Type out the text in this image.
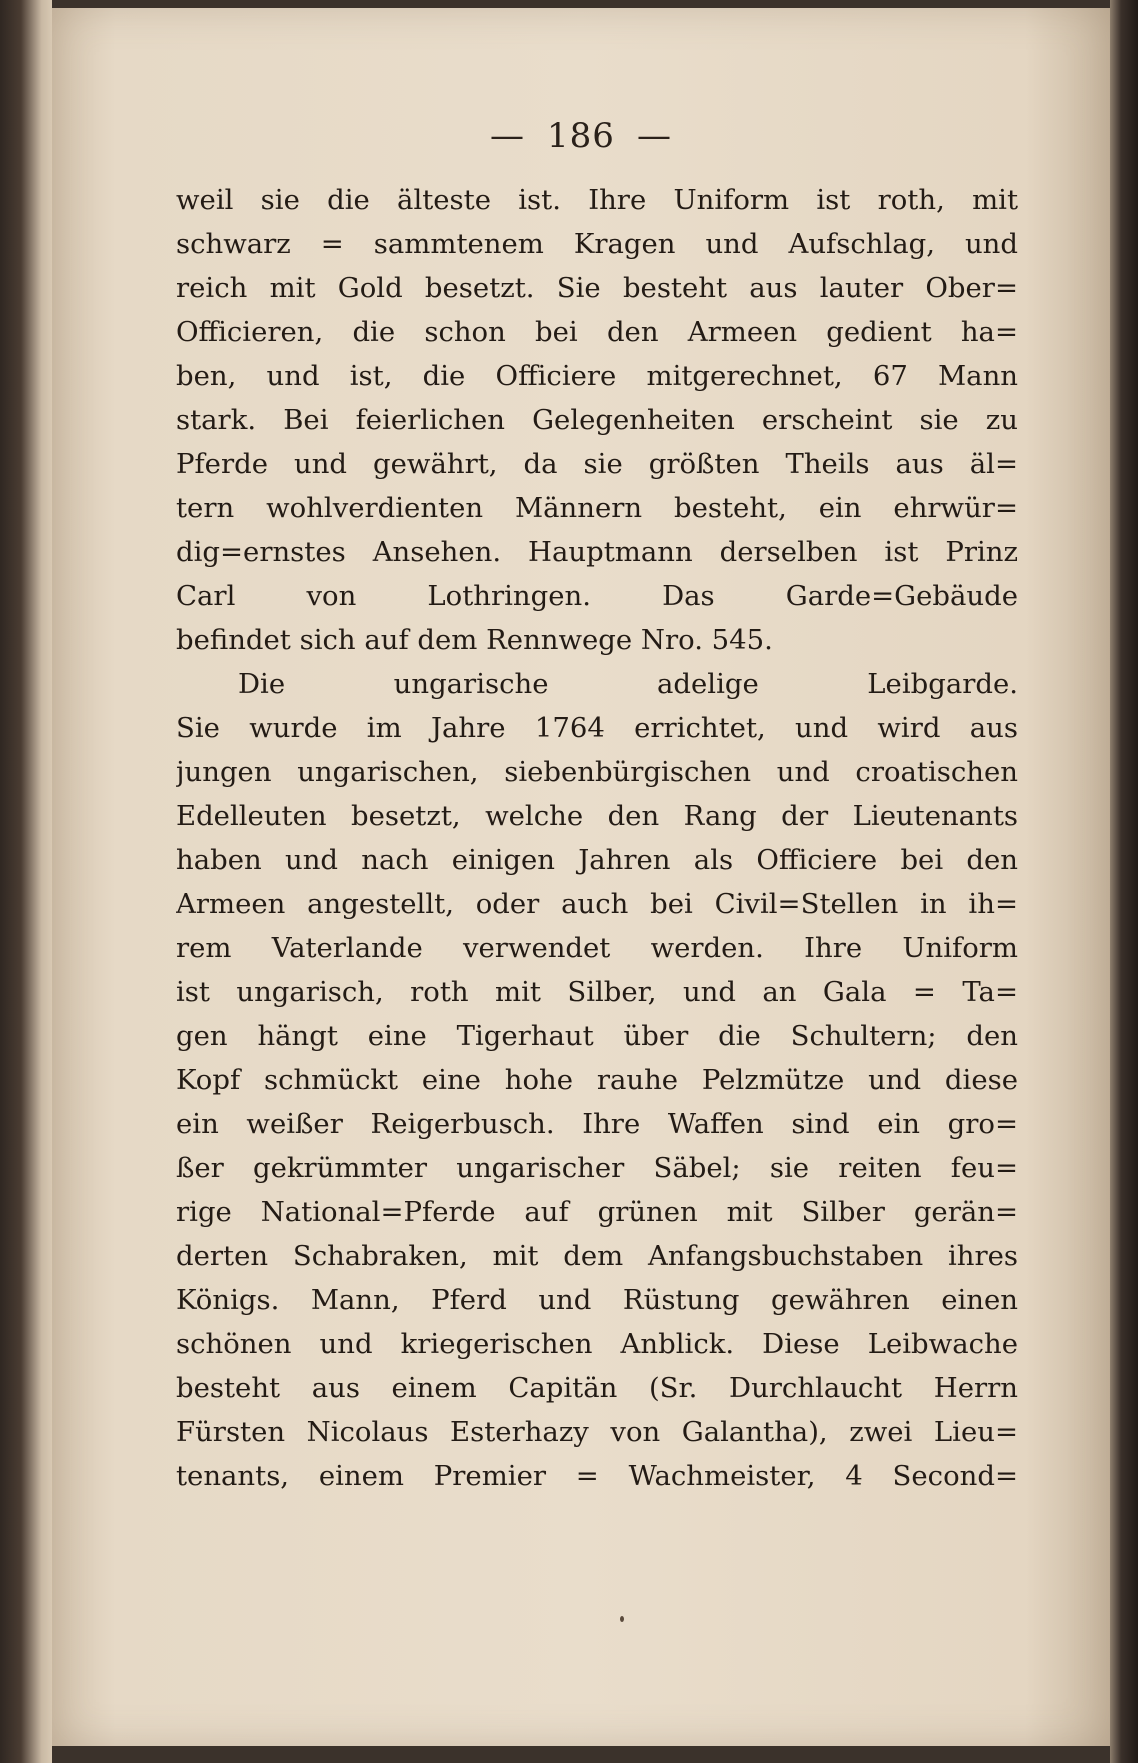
— 186 —
weil sie die älteste ist. Ihre Uniform ist roth, mit
schwarz = sammtenem Kragen und Aufschlag, und
reich mit Gold besetzt. Sie besteht aus lauter Ober=
Officieren, die schon bei den Armeen gedient ha=
ben, und ist, die Officiere mitgerechnet, 67 Mann
stark. Bei feierlichen Gelegenheiten erscheint sie zu
Pferde und gewährt, da sie größten Theils aus äl=
tern wohlverdienten Männern besteht, ein ehrwür=
dig=ernstes Ansehen. Hauptmann derselben ist Prinz
Carl von Lothringen. Das Garde=Gebäude
befindet sich auf dem Rennwege Nro. 545.
Die ungarische adelige Leibgarde.
Sie wurde im Jahre 1764 errichtet, und wird aus
jungen ungarischen, siebenbürgischen und croatischen
Edelleuten besetzt, welche den Rang der Lieutenants
haben und nach einigen Jahren als Officiere bei den
Armeen angestellt, oder auch bei Civil=Stellen in ih=
rem Vaterlande verwendet werden. Ihre Uniform
ist ungarisch, roth mit Silber, und an Gala = Ta=
gen hängt eine Tigerhaut über die Schultern; den
Kopf schmückt eine hohe rauhe Pelzmütze und diese
ein weißer Reigerbusch. Ihre Waffen sind ein gro=
ßer gekrümmter ungarischer Säbel; sie reiten feu=
rige National=Pferde auf grünen mit Silber gerän=
derten Schabraken, mit dem Anfangsbuchstaben ihres
Königs. Mann, Pferd und Rüstung gewähren einen
schönen und kriegerischen Anblick. Diese Leibwache
besteht aus einem Capitän (Sr. Durchlaucht Herrn
Fürsten Nicolaus Esterhazy von Galantha), zwei Lieu=
tenants, einem Premier = Wachmeister, 4 Second=
